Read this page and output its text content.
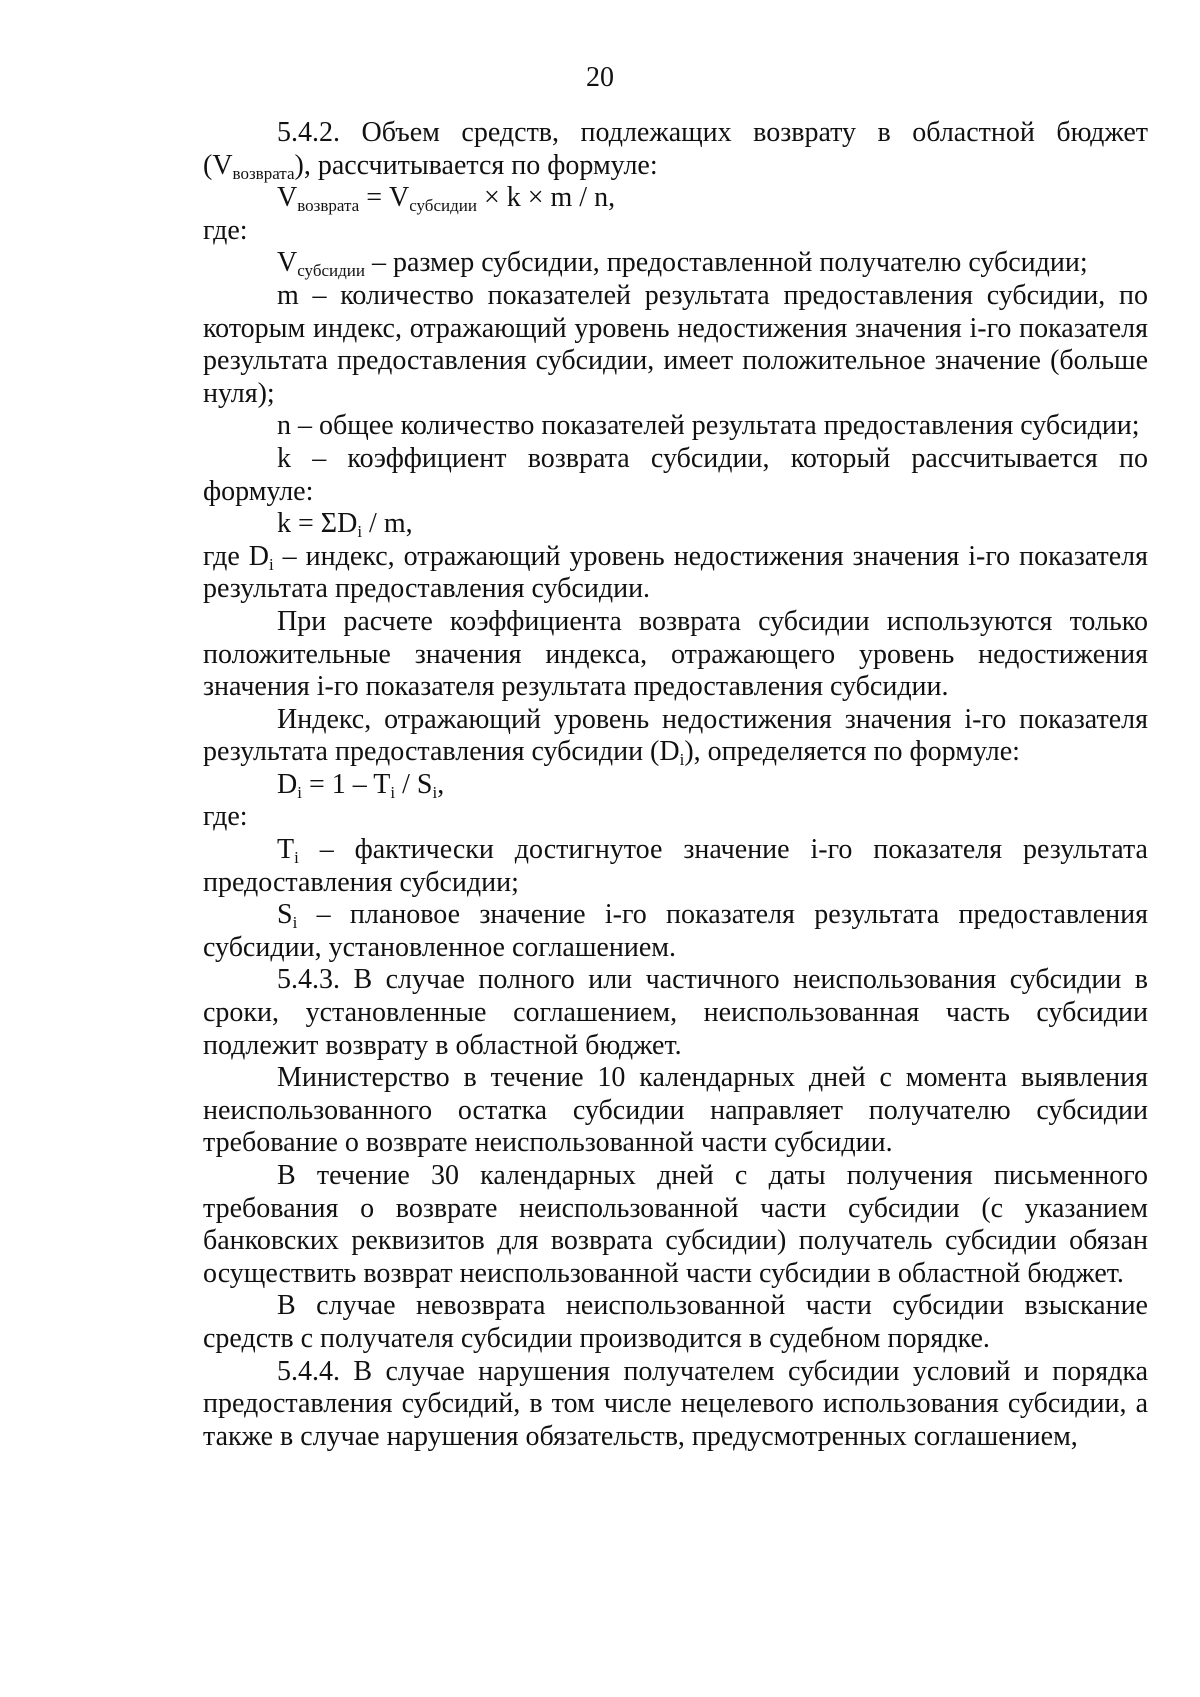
20

5.4.2. Объем средств, подлежащих возврату в областной бюджет $(V_{возврата})$, рассчитывается по формуле:

$V_{возврата} = V_{субсидии} \times k \times m / n$,

где:

$V_{субсидии}$ – размер субсидии, предоставленной получателю субсидии;

m – количество показателей результата предоставления субсидии, по которым индекс, отражающий уровень недостижения значения i-го показателя результата предоставления субсидии, имеет положительное значение (больше нуля);

n – общее количество показателей результата предоставления субсидии;

k – коэффициент возврата субсидии, который рассчитывается по формуле:

$k = \Sigma D_i / m$,

где $D_i$ – индекс, отражающий уровень недостижения значения i-го показателя результата предоставления субсидии.

При расчете коэффициента возврата субсидии используются только положительные значения индекса, отражающего уровень недостижения значения i-го показателя результата предоставления субсидии.

Индекс, отражающий уровень недостижения значения i-го показателя результата предоставления субсидии $(D_i)$, определяется по формуле:

$D_i = 1 - T_i / S_i$,

где:

$T_i$ – фактически достигнутое значение i-го показателя результата предоставления субсидии;

$S_i$ – плановое значение i-го показателя результата предоставления субсидии, установленное соглашением.

5.4.3. В случае полного или частичного неиспользования субсидии в сроки, установленные соглашением, неиспользованная часть субсидии подлежит возврату в областной бюджет.

Министерство в течение 10 календарных дней с момента выявления неиспользованного остатка субсидии направляет получателю субсидии требование о возврате неиспользованной части субсидии.

В течение 30 календарных дней с даты получения письменного требования о возврате неиспользованной части субсидии (с указанием банковских реквизитов для возврата субсидии) получатель субсидии обязан осуществить возврат неиспользованной части субсидии в областной бюджет.

В случае невозврата неиспользованной части субсидии взыскание средств с получателя субсидии производится в судебном порядке.

5.4.4. В случае нарушения получателем субсидии условий и порядка предоставления субсидий, в том числе нецелевого использования субсидии, а также в случае нарушения обязательств, предусмотренных соглашением,
